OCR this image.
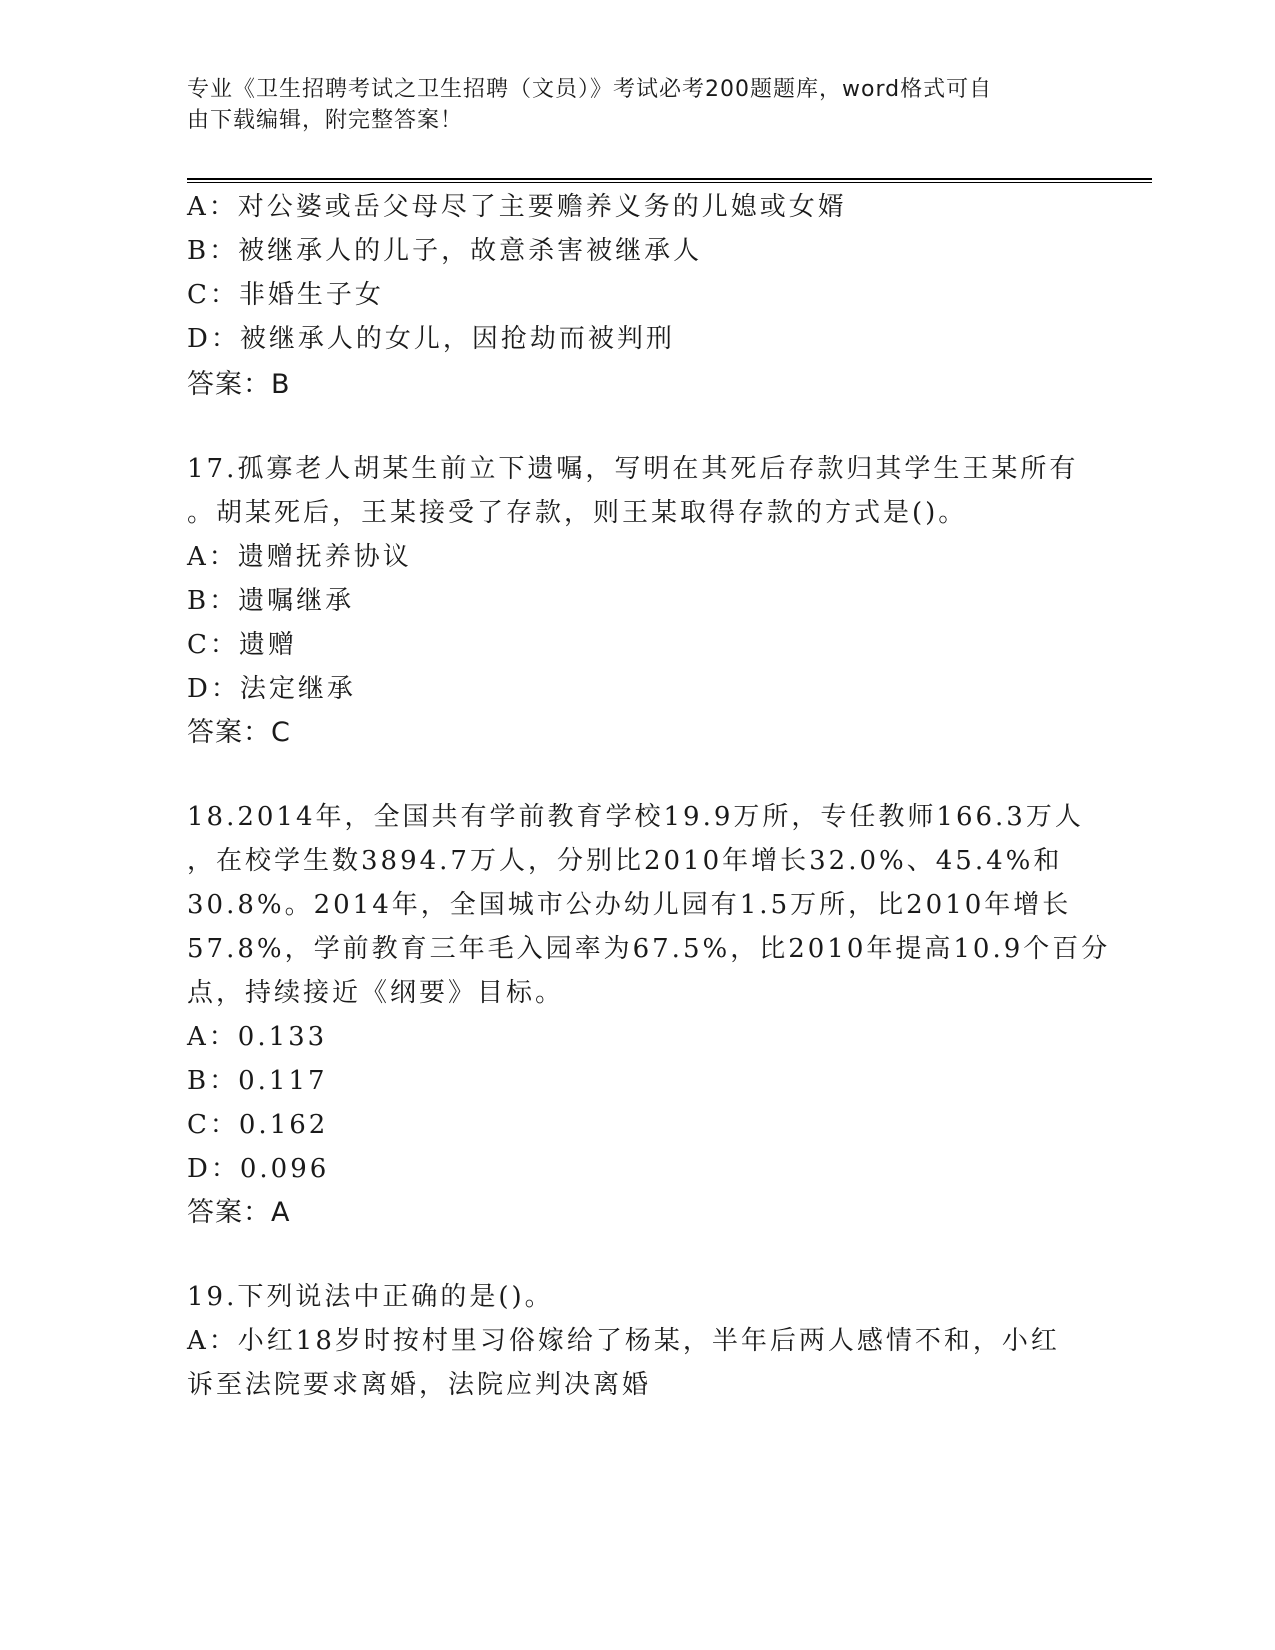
专业《卫生招聘考试之卫生招聘（文员）》考试必考200题题库，word格式可自
由下载编辑，附完整答案！
A：对公婆或岳父母尽了主要赡养义务的儿媳或女婿
B：被继承人的儿子，故意杀害被继承人
C：非婚生子女
D：被继承人的女儿，因抢劫而被判刑
答案：B
17.孤寡老人胡某生前立下遗嘱，写明在其死后存款归其学生王某所有
。胡某死后，王某接受了存款，则王某取得存款的方式是()。
A：遗赠抚养协议
B：遗嘱继承
C：遗赠
D：法定继承
答案：C
18.2014年，全国共有学前教育学校19.9万所，专任教师166.3万人
，在校学生数3894.7万人，分别比2010年增长32.0%、45.4%和
30.8%。2014年，全国城市公办幼儿园有1.5万所，比2010年增长
57.8%，学前教育三年毛入园率为67.5%，比2010年提高10.9个百分
点，持续接近《纲要》目标。
A：0.133
B：0.117
C：0.162
D：0.096
答案：A
19.下列说法中正确的是()。
A：小红18岁时按村里习俗嫁给了杨某，半年后两人感情不和，小红
诉至法院要求离婚，法院应判决离婚
